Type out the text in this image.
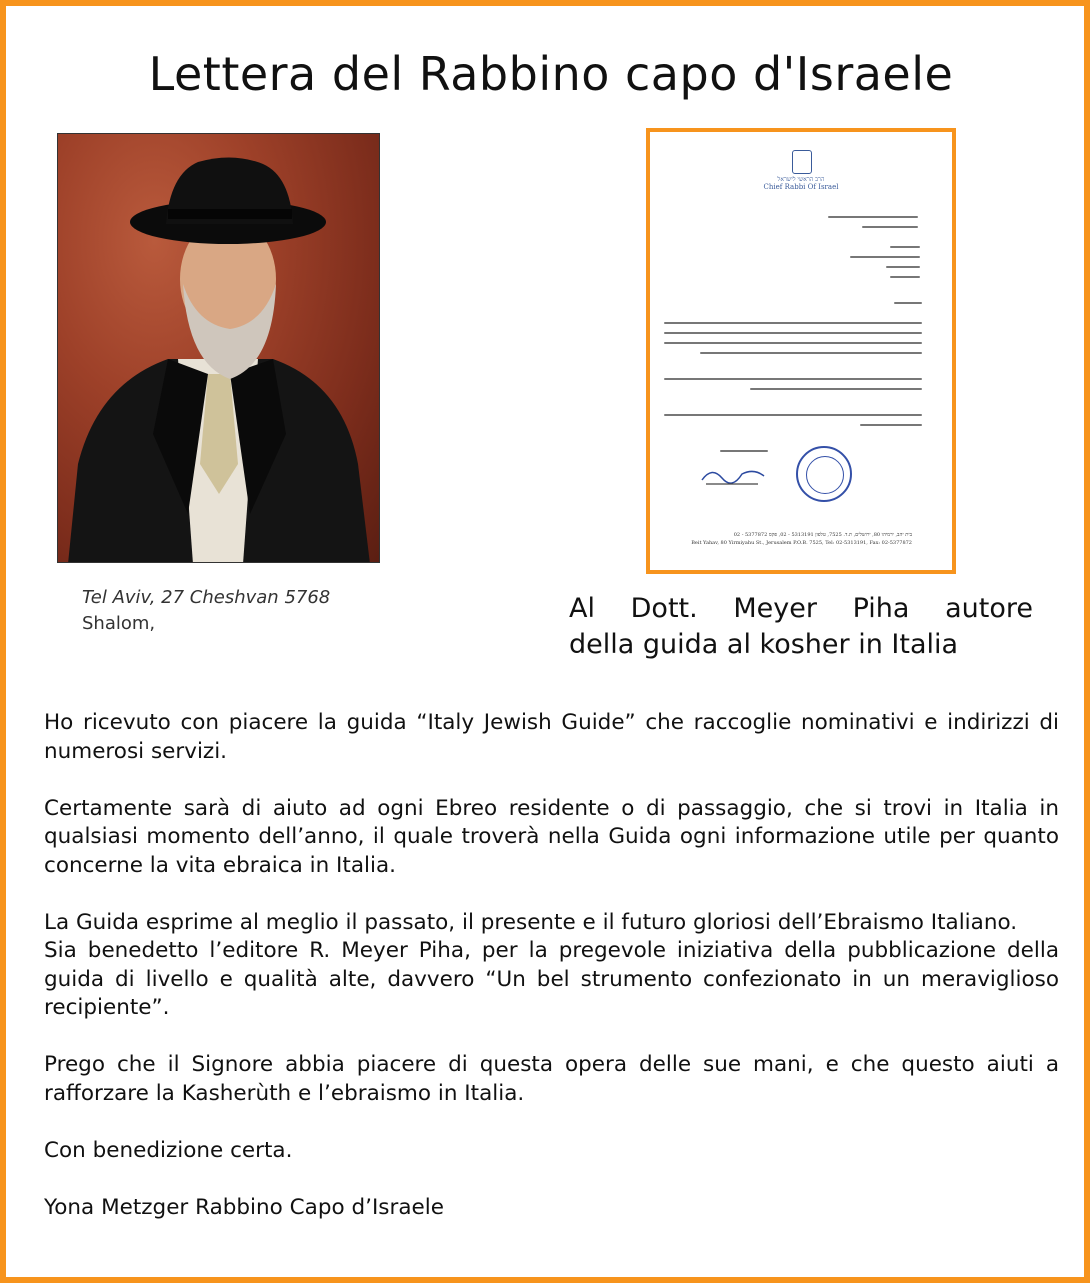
Lettera del Rabbino capo d'Israele
Tel Aviv, 27 Cheshvan 5768
Shalom,
הרב הראשי לישראל
Chief Rabbi Of Israel
בית יהב, ירמיהו 80, ירושלים, ת.ד. 7525, טלפון 5313191 - 02, פקס 5377872 - 02
Beit Yahav, 80 Yirmiyahu St., Jerusalem P.O.B. 7525, Tel: 02-5313191, Fax: 02-5377872
Al Dott. Meyer Piha autore
della guida al kosher in Italia

Ho ricevuto con piacere la guida “Italy Jewish Guide” che raccoglie nominativi e indirizzi di numerosi servizi.

Certamente sarà di aiuto ad ogni Ebreo residente o di passaggio, che si trovi in Italia in qualsiasi momento dell’anno, il quale troverà nella Guida ogni informazione utile per quanto concerne la vita ebraica in Italia.

La Guida esprime al meglio il passato, il presente e il futuro gloriosi dell’Ebraismo Italiano.

Sia benedetto l’editore R. Meyer Piha, per la pregevole iniziativa della pubblicazione della guida di livello e qualità alte, davvero “Un bel strumento confezionato in un meraviglioso recipiente”.

Prego che il Signore abbia piacere di questa opera delle sue mani, e che questo aiuti a rafforzare la Kasherùth e l’ebraismo in Italia.

Con benedizione certa.

Yona Metzger Rabbino Capo d’Israele
